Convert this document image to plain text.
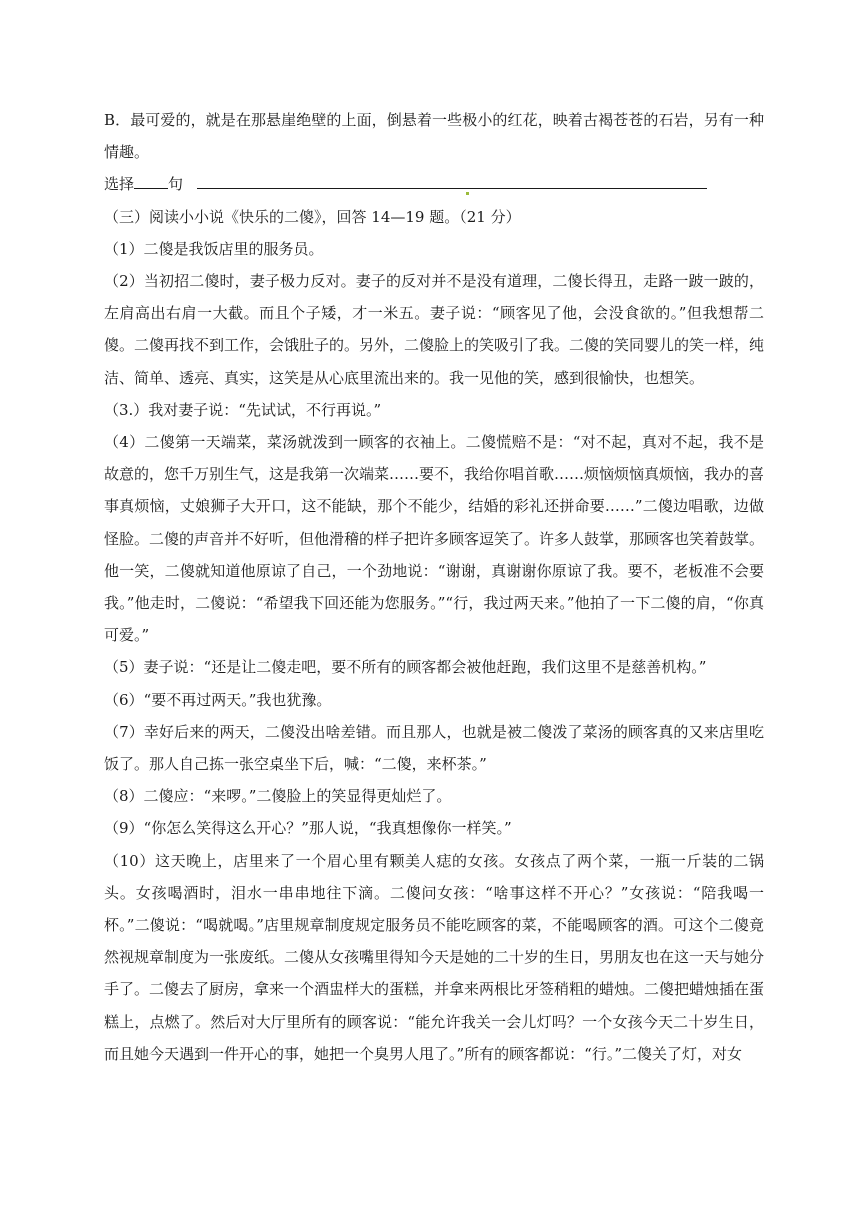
B．最可爱的，就是在那悬崖绝壁的上面，倒悬着一些极小的红花，映着古褐苍苍的石岩，另有一种情趣。

选择 句

（三）阅读小小说《快乐的二傻》，回答 14—19 题。（21 分）

（1）二傻是我饭店里的服务员。

（2）当初招二傻时，妻子极力反对。妻子的反对并不是没有道理，二傻长得丑，走路一跛一跛的，左肩高出右肩一大截。而且个子矮，才一米五。妻子说：“顾客见了他，会没食欲的。”但我想帮二傻。二傻再找不到工作，会饿肚子的。另外，二傻脸上的笑吸引了我。二傻的笑同婴儿的笑一样，纯洁、简单、透亮、真实，这笑是从心底里流出来的。我一见他的笑，感到很愉快，也想笑。

（3.）我对妻子说：“先试试，不行再说。”

（4）二傻第一天端菜，菜汤就泼到一顾客的衣袖上。二傻慌赔不是：“对不起，真对不起，我不是故意的，您千万别生气，这是我第一次端菜……要不，我给你唱首歌……烦恼烦恼真烦恼，我办的喜事真烦恼，丈娘狮子大开口，这不能缺，那个不能少，结婚的彩礼还拼命要……”二傻边唱歌，边做怪脸。二傻的声音并不好听，但他滑稽的样子把许多顾客逗笑了。许多人鼓掌，那顾客也笑着鼓掌。他一笑，二傻就知道他原谅了自己，一个劲地说：“谢谢，真谢谢你原谅了我。要不，老板准不会要我。”他走时，二傻说：“希望我下回还能为您服务。”“行，我过两天来。”他拍了一下二傻的肩，“你真可爱。”

（5）妻子说：“还是让二傻走吧，要不所有的顾客都会被他赶跑，我们这里不是慈善机构。”

（6）“要不再过两天。”我也犹豫。

（7）幸好后来的两天，二傻没出啥差错。而且那人，也就是被二傻泼了菜汤的顾客真的又来店里吃饭了。那人自己拣一张空桌坐下后，喊：“二傻，来杯茶。”

（8）二傻应：“来啰。”二傻脸上的笑显得更灿烂了。

（9）“你怎么笑得这么开心？”那人说，“我真想像你一样笑。”

（10）这天晚上，店里来了一个眉心里有颗美人痣的女孩。女孩点了两个菜，一瓶一斤装的二锅头。女孩喝酒时，泪水一串串地往下滴。二傻问女孩：“啥事这样不开心？”女孩说：“陪我喝一杯。”二傻说：“喝就喝。”店里规章制度规定服务员不能吃顾客的菜，不能喝顾客的酒。可这个二傻竟然视规章制度为一张废纸。二傻从女孩嘴里得知今天是她的二十岁的生日，男朋友也在这一天与她分手了。二傻去了厨房，拿来一个酒盅样大的蛋糕，并拿来两根比牙签稍粗的蜡烛。二傻把蜡烛插在蛋糕上，点燃了。然后对大厅里所有的顾客说：“能允许我关一会儿灯吗？一个女孩今天二十岁生日，而且她今天遇到一件开心的事，她把一个臭男人甩了。”所有的顾客都说：“行。”二傻关了灯，对女
